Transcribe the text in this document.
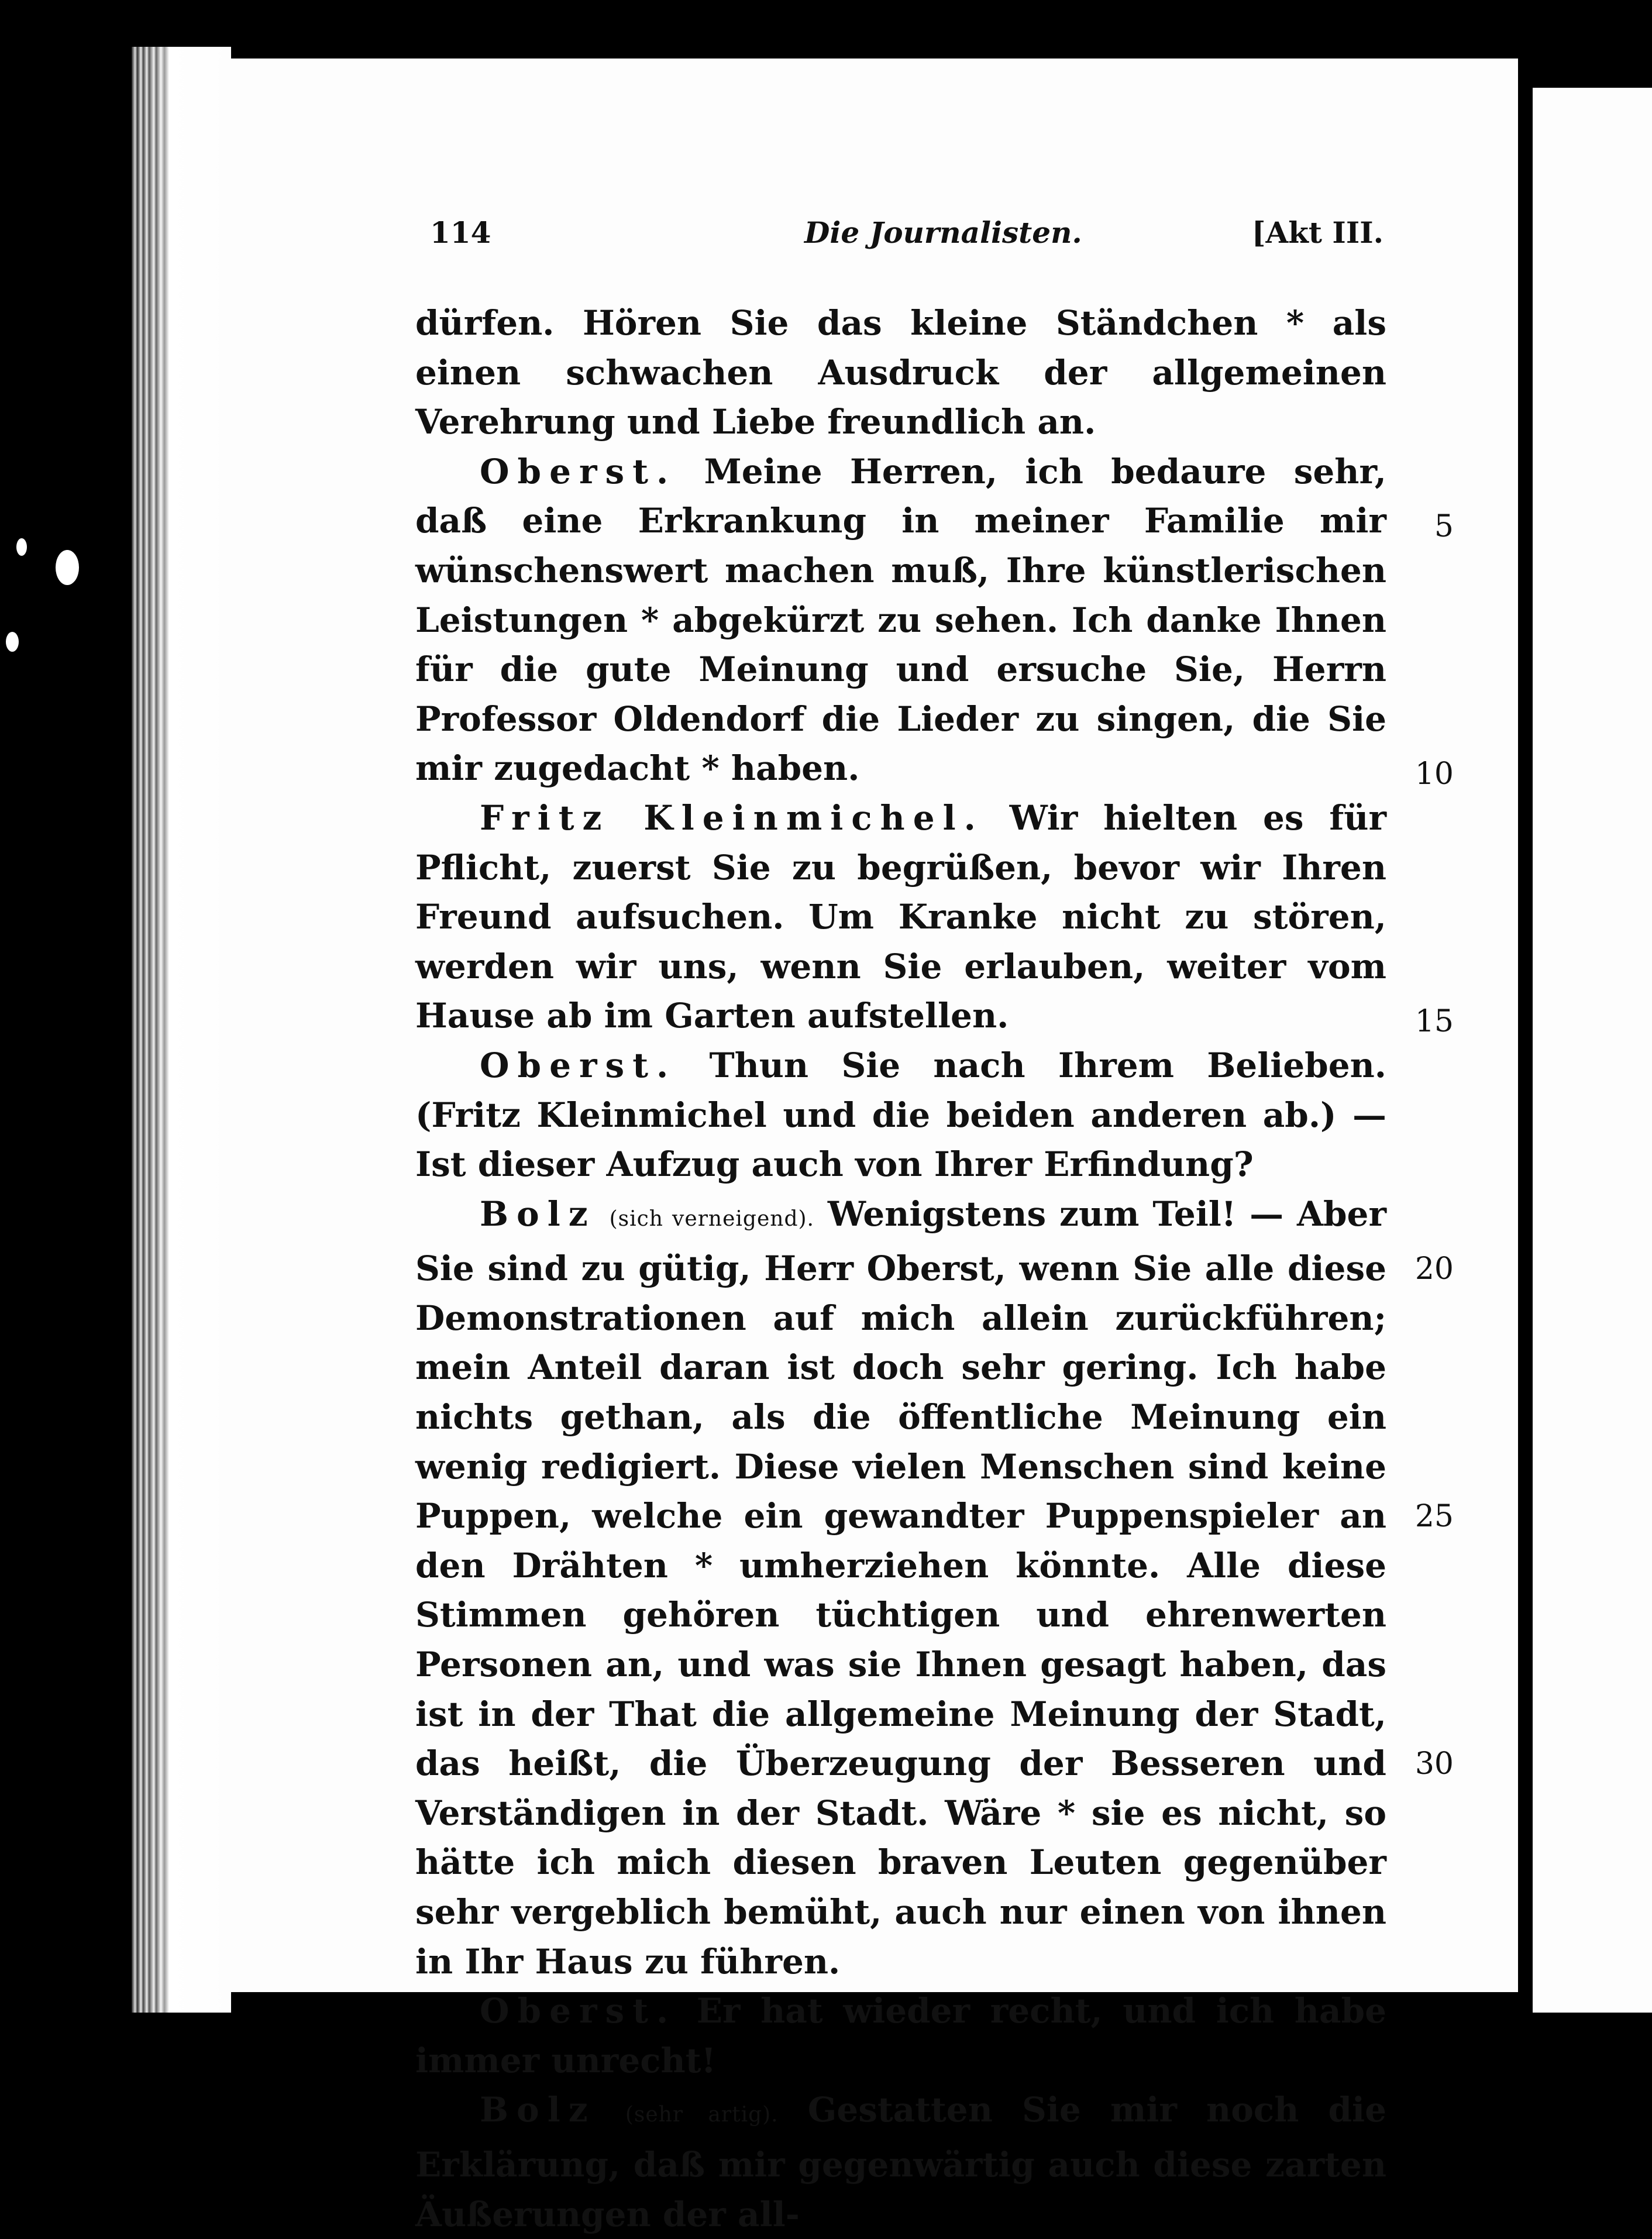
114	Die Journalisten.	[Akt III.

dürfen. Hören Sie das kleine Ständchen * als einen schwachen Ausdruck der allgemeinen Verehrung und Liebe freundlich an.

Oberst. Meine Herren, ich bedaure sehr, daß eine Erkrankung in meiner Familie mir wünschenswert machen muß, Ihre künstlerischen Leistungen * abgekürzt zu sehen. Ich danke Ihnen für die gute Meinung und ersuche Sie, Herrn Professor Oldendorf die Lieder zu singen, die Sie mir zugedacht * haben.

Fritz Kleinmichel. Wir hielten es für Pflicht, zuerst Sie zu begrüßen, bevor wir Ihren Freund aufsuchen. Um Kranke nicht zu stören, werden wir uns, wenn Sie erlauben, weiter vom Hause ab im Garten aufstellen.

Oberst. Thun Sie nach Ihrem Belieben. (Fritz Kleinmichel und die beiden anderen ab.) — Ist dieser Aufzug auch von Ihrer Erfindung?

Bolz (sich verneigend). Wenigstens zum Teil! — Aber Sie sind zu gütig, Herr Oberst, wenn Sie alle diese Demonstrationen auf mich allein zurückführen; mein Anteil daran ist doch sehr gering. Ich habe nichts gethan, als die öffentliche Meinung ein wenig redigiert. Diese vielen Menschen sind keine Puppen, welche ein gewandter Puppenspieler an den Drähten * umherziehen könnte. Alle diese Stimmen gehören tüchtigen und ehrenwerten Personen an, und was sie Ihnen gesagt haben, das ist in der That die allgemeine Meinung der Stadt, das heißt, die Überzeugung der Besseren und Verständigen in der Stadt. Wäre * sie es nicht, so hätte ich mich diesen braven Leuten gegenüber sehr vergeblich bemüht, auch nur einen von ihnen in Ihr Haus zu führen.

Oberst. Er hat wieder recht, und ich habe immer unrecht!

Bolz (sehr artig). Gestatten Sie mir noch die Erklärung, daß mir gegenwärtig auch diese zarten Äußerungen der all-

5
10
15
20
25
30
